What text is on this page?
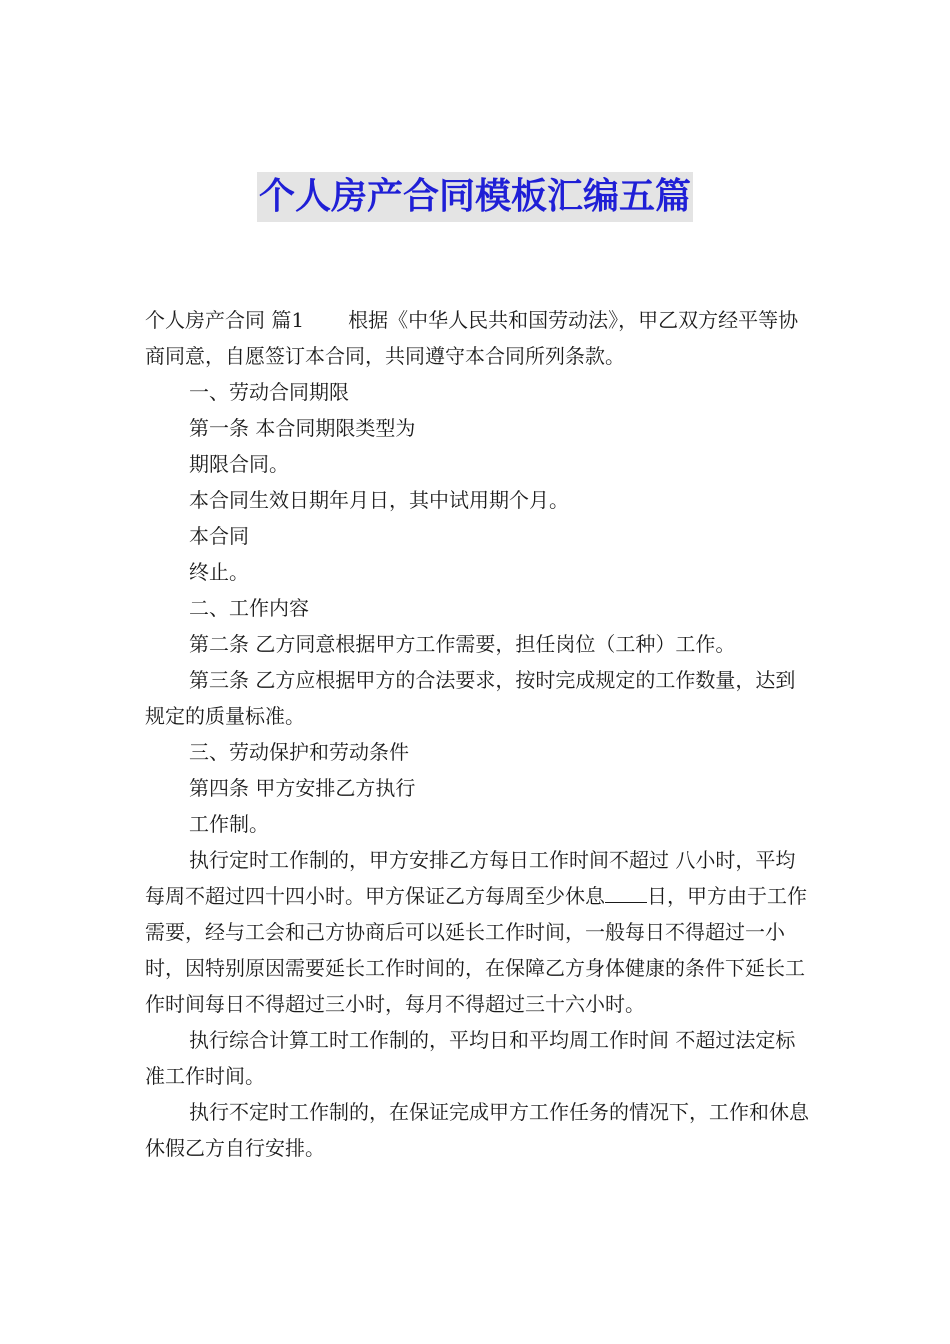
个人房产合同模板汇编五篇

个人房产合同 篇1 根据《中华人民共和国劳动法》，甲乙双方经平等协商同意，自愿签订本合同，共同遵守本合同所列条款。

一、劳动合同期限

第一条 本合同期限类型为

期限合同。

本合同生效日期年月日，其中试用期个月。

本合同

终止。

二、工作内容

第二条 乙方同意根据甲方工作需要，担任岗位（工种）工作。

第三条 乙方应根据甲方的合法要求，按时完成规定的工作数量，达到规定的质量标准。

三、劳动保护和劳动条件

第四条 甲方安排乙方执行

工作制。

执行定时工作制的，甲方安排乙方每日工作时间不超过 八小时，平均每周不超过四十四小时。甲方保证乙方每周至少休息 日，甲方由于工作需要，经与工会和己方协商后可以延长工作时间，一般每日不得超过一小时，因特别原因需要延长工作时间的，在保障乙方身体健康的条件下延长工作时间每日不得超过三小时，每月不得超过三十六小时。

执行综合计算工时工作制的，平均日和平均周工作时间 不超过法定标准工作时间。

执行不定时工作制的，在保证完成甲方工作任务的情况下，工作和休息休假乙方自行安排。
